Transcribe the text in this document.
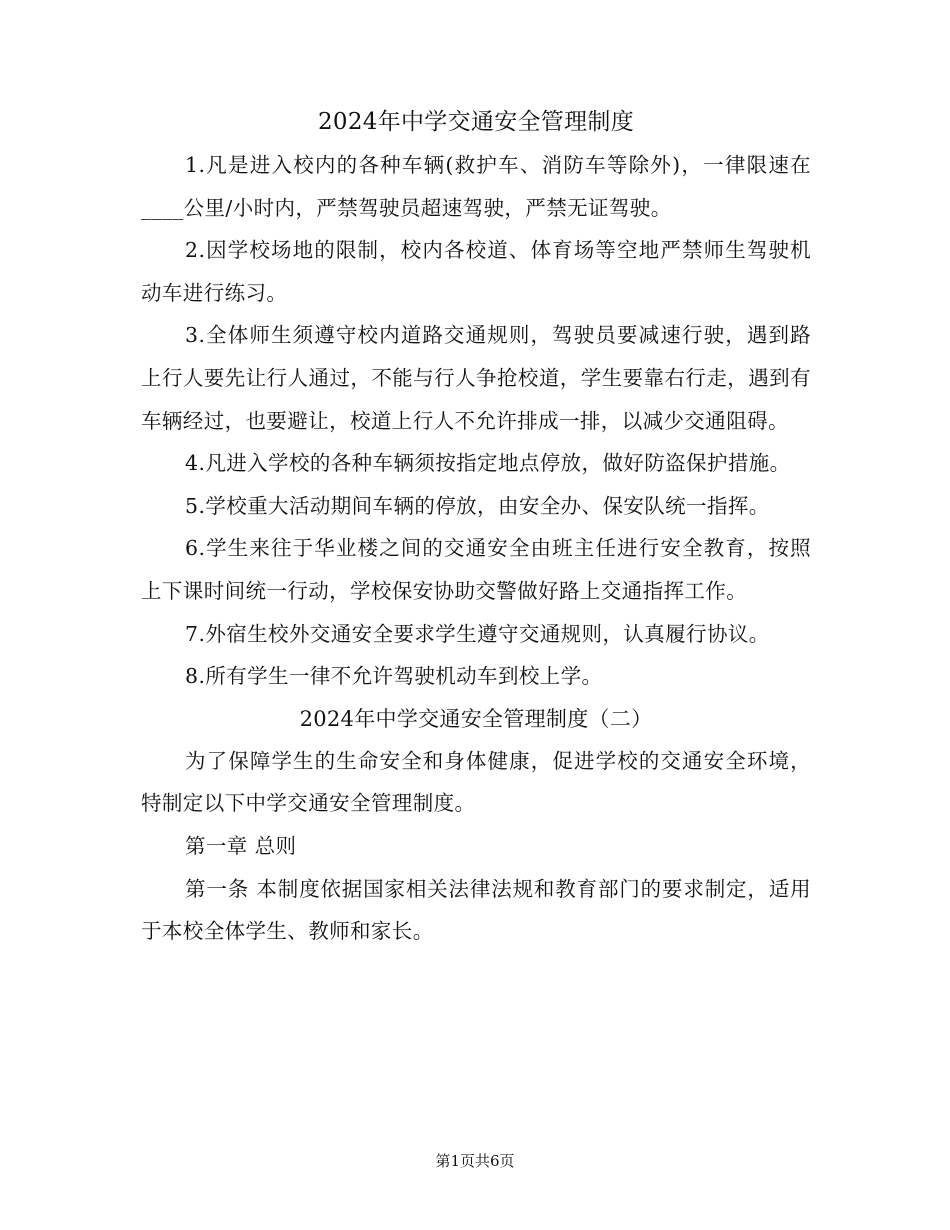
2024年中学交通安全管理制度

1.凡是进入校内的各种车辆(救护车、消防车等除外)，一律限速在____公里/小时内，严禁驾驶员超速驾驶，严禁无证驾驶。

2.因学校场地的限制，校内各校道、体育场等空地严禁师生驾驶机动车进行练习。

3.全体师生须遵守校内道路交通规则，驾驶员要减速行驶，遇到路上行人要先让行人通过，不能与行人争抢校道，学生要靠右行走，遇到有车辆经过，也要避让，校道上行人不允许排成一排，以减少交通阻碍。

4.凡进入学校的各种车辆须按指定地点停放，做好防盗保护措施。

5.学校重大活动期间车辆的停放，由安全办、保安队统一指挥。

6.学生来往于华业楼之间的交通安全由班主任进行安全教育，按照上下课时间统一行动，学校保安协助交警做好路上交通指挥工作。

7.外宿生校外交通安全要求学生遵守交通规则，认真履行协议。

8.所有学生一律不允许驾驶机动车到校上学。

2024年中学交通安全管理制度（二）

为了保障学生的生命安全和身体健康，促进学校的交通安全环境，特制定以下中学交通安全管理制度。

第一章 总则

第一条 本制度依据国家相关法律法规和教育部门的要求制定，适用于本校全体学生、教师和家长。

第1页共6页
